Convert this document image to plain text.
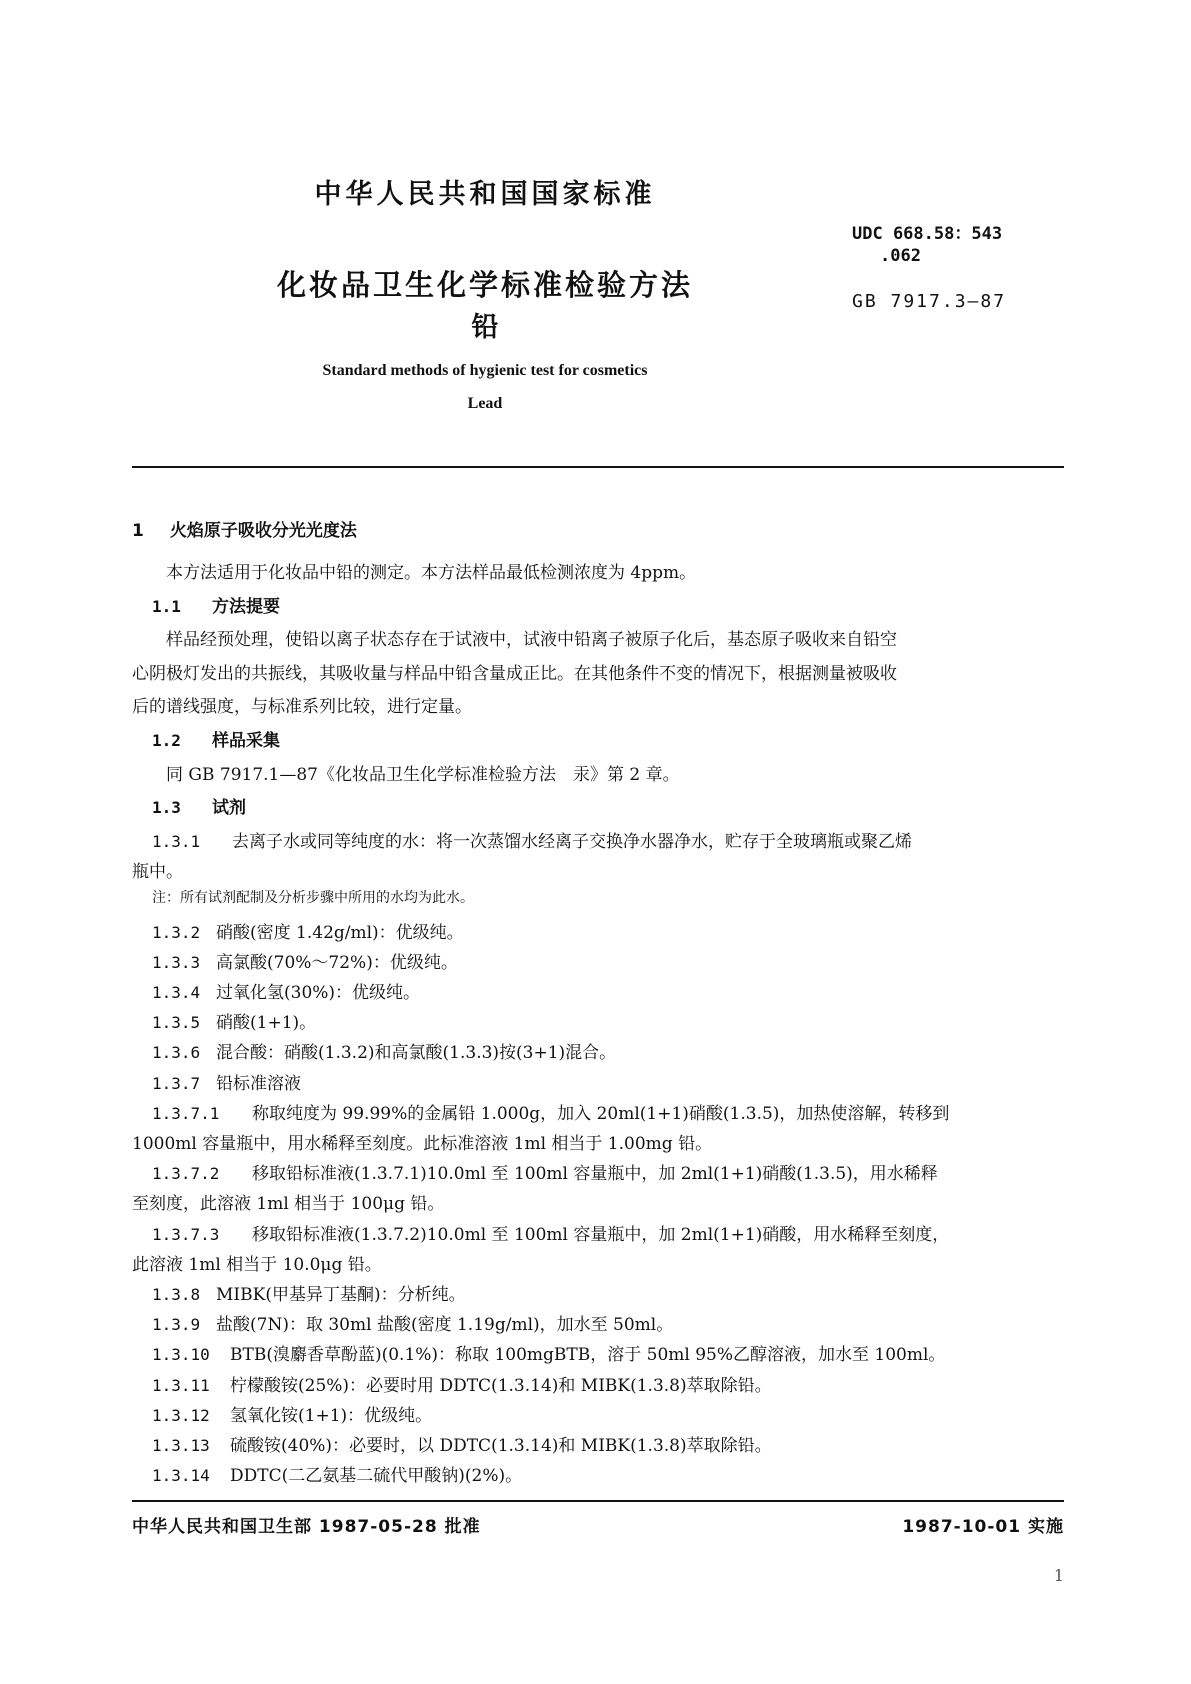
中华人民共和国国家标准
UDC 668.58：543
.062
GB 7917.3—87
化妆品卫生化学标准检验方法
铅
Standard methods of hygienic test for cosmetics
Lead
1 火焰原子吸收分光光度法
本方法适用于化妆品中铅的测定。本方法样品最低检测浓度为 4ppm。
1.1 方法提要
样品经预处理，使铅以离子状态存在于试液中，试液中铅离子被原子化后，基态原子吸收来自铅空
心阴极灯发出的共振线，其吸收量与样品中铅含量成正比。在其他条件不变的情况下，根据测量被吸收
后的谱线强度，与标准系列比较，进行定量。
1.2 样品采集
同 GB 7917.1—87《化妆品卫生化学标准检验方法　汞》第 2 章。
1.3 试剂
1.3.1 去离子水或同等纯度的水：将一次蒸馏水经离子交换净水器净水，贮存于全玻璃瓶或聚乙烯
瓶中。
注：所有试剂配制及分析步骤中所用的水均为此水。
1.3.2 硝酸(密度 1.42g/ml)：优级纯。
1.3.3 高氯酸(70%～72%)：优级纯。
1.3.4 过氧化氢(30%)：优级纯。
1.3.5 硝酸(1+1)。
1.3.6 混合酸：硝酸(1.3.2)和高氯酸(1.3.3)按(3+1)混合。
1.3.7 铅标准溶液
1.3.7.1 称取纯度为 99.99%的金属铅 1.000g，加入 20ml(1+1)硝酸(1.3.5)，加热使溶解，转移到
1000ml 容量瓶中，用水稀释至刻度。此标准溶液 1ml 相当于 1.00mg 铅。
1.3.7.2 移取铅标准液(1.3.7.1)10.0ml 至 100ml 容量瓶中，加 2ml(1+1)硝酸(1.3.5)，用水稀释
至刻度，此溶液 1ml 相当于 100μg 铅。
1.3.7.3 移取铅标准液(1.3.7.2)10.0ml 至 100ml 容量瓶中，加 2ml(1+1)硝酸，用水稀释至刻度，
此溶液 1ml 相当于 10.0μg 铅。
1.3.8 MIBK(甲基异丁基酮)：分析纯。
1.3.9 盐酸(7N)：取 30ml 盐酸(密度 1.19g/ml)，加水至 50ml。
1.3.10 BTB(溴麝香草酚蓝)(0.1%)：称取 100mgBTB，溶于 50ml 95%乙醇溶液，加水至 100ml。
1.3.11 柠檬酸铵(25%)：必要时用 DDTC(1.3.14)和 MIBK(1.3.8)萃取除铅。
1.3.12 氢氧化铵(1+1)：优级纯。
中华人民共和国卫生部 1987-05-28 批准	1987-10-01 实施
1
1.3.13 硫酸铵(40%)：必要时，以 DDTC(1.3.14)和 MIBK(1.3.8)萃取除铅。
1.3.14 DDTC(二乙氨基二硫代甲酸钠)(2%)。
